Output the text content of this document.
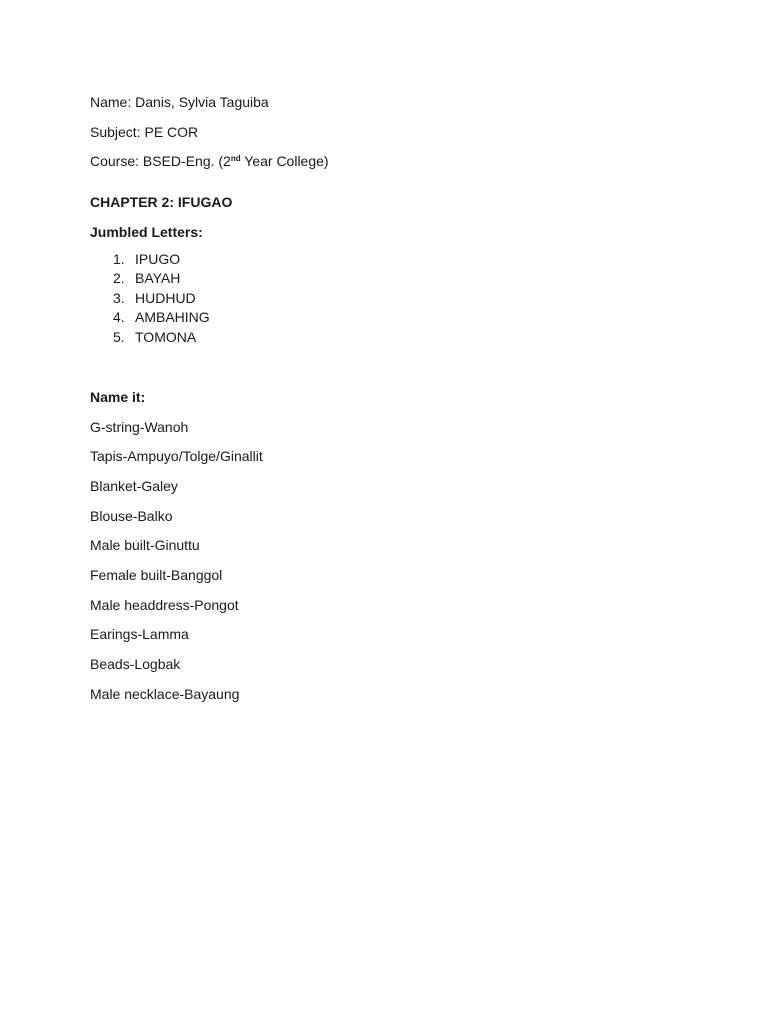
Name: Danis, Sylvia Taguiba
Subject: PE COR
Course: BSED-Eng. (2nd Year College)
CHAPTER 2: IFUGAO
Jumbled Letters:
1. IPUGO
2. BAYAH
3. HUDHUD
4. AMBAHING
5. TOMONA
Name it:
G-string-Wanoh
Tapis-Ampuyo/Tolge/Ginallit
Blanket-Galey
Blouse-Balko
Male built-Ginuttu
Female built-Banggol
Male headdress-Pongot
Earings-Lamma
Beads-Logbak
Male necklace-Bayaung
